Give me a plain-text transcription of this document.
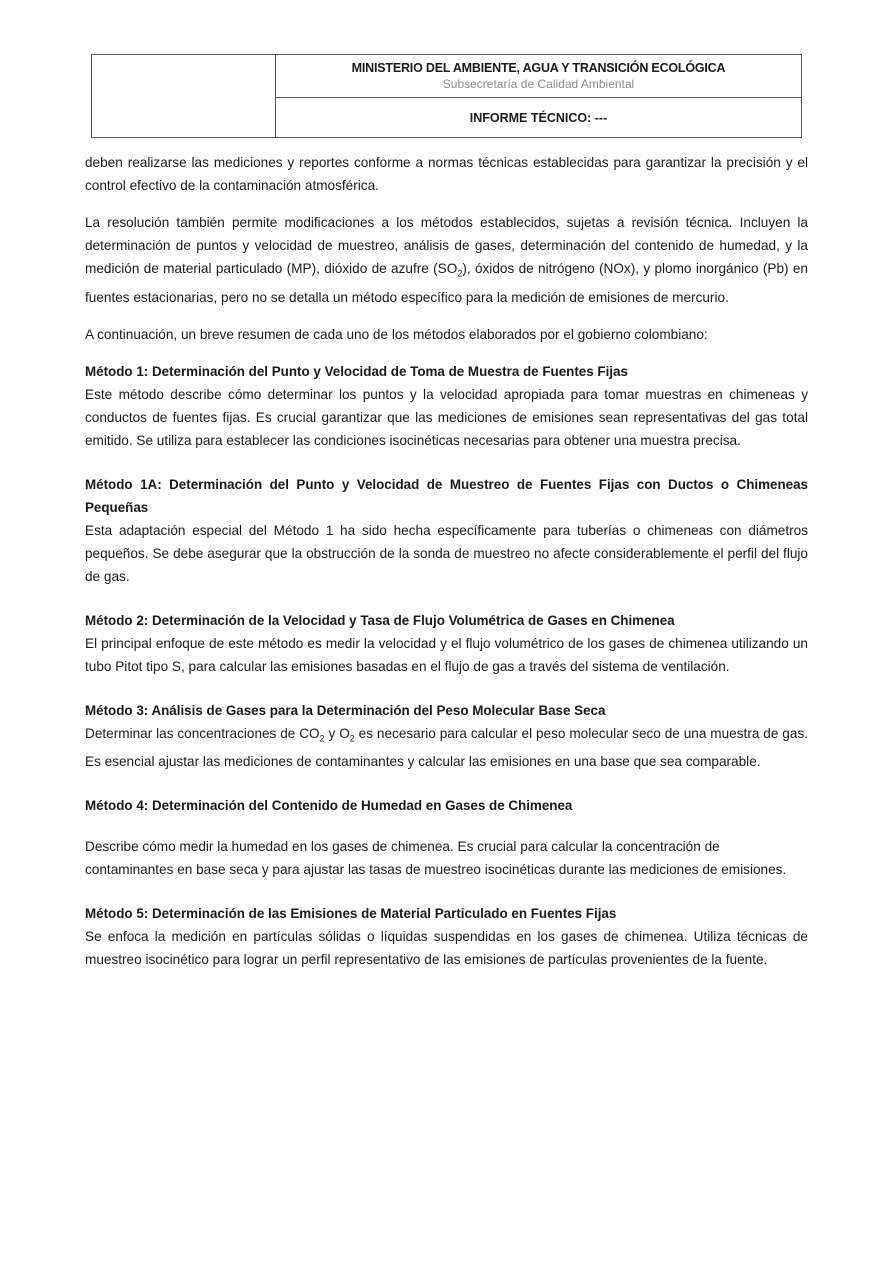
MINISTERIO DEL AMBIENTE, AGUA Y TRANSICIÓN ECOLÓGICA
Subsecretaría de Calidad Ambiental
INFORME TÉCNICO: ---

deben realizarse las mediciones y reportes conforme a normas técnicas establecidas para garantizar la precisión y el control efectivo de la contaminación atmosférica.

La resolución también permite modificaciones a los métodos establecidos, sujetas a revisión técnica. Incluyen la determinación de puntos y velocidad de muestreo, análisis de gases, determinación del contenido de humedad, y la medición de material particulado (MP), dióxido de azufre $(SO_2)$, óxidos de nitrógeno (NOx), y plomo inorgánico (Pb) en fuentes estacionarias, pero no se detalla un método específico para la medición de emisiones de mercurio.

A continuación, un breve resumen de cada uno de los métodos elaborados por el gobierno colombiano:

Método 1: Determinación del Punto y Velocidad de Toma de Muestra de Fuentes Fijas

Este método describe cómo determinar los puntos y la velocidad apropiada para tomar muestras en chimeneas y conductos de fuentes fijas. Es crucial garantizar que las mediciones de emisiones sean representativas del gas total emitido. Se utiliza para establecer las condiciones isocinéticas necesarias para obtener una muestra precisa.

Método 1A: Determinación del Punto y Velocidad de Muestreo de Fuentes Fijas con Ductos o Chimeneas Pequeñas

Esta adaptación especial del Método 1 ha sido hecha específicamente para tuberías o chimeneas con diámetros pequeños. Se debe asegurar que la obstrucción de la sonda de muestreo no afecte considerablemente el perfil del flujo de gas.

Método 2: Determinación de la Velocidad y Tasa de Flujo Volumétrica de Gases en Chimenea

El principal enfoque de este método es medir la velocidad y el flujo volumétrico de los gases de chimenea utilizando un tubo Pitot tipo S, para calcular las emisiones basadas en el flujo de gas a través del sistema de ventilación.

Método 3: Análisis de Gases para la Determinación del Peso Molecular Base Seca

Determinar las concentraciones de $CO_2$ y $O_2$ es necesario para calcular el peso molecular seco de una muestra de gas. Es esencial ajustar las mediciones de contaminantes y calcular las emisiones en una base que sea comparable.

Método 4: Determinación del Contenido de Humedad en Gases de Chimenea

Describe cómo medir la humedad en los gases de chimenea. Es crucial para calcular la concentración de contaminantes en base seca y para ajustar las tasas de muestreo isocinéticas durante las mediciones de emisiones.

Método 5: Determinación de las Emisiones de Material Particulado en Fuentes Fijas

Se enfoca la medición en partículas sólidas o líquidas suspendidas en los gases de chimenea. Utiliza técnicas de muestreo isocinético para lograr un perfil representativo de las emisiones de partículas provenientes de la fuente.
